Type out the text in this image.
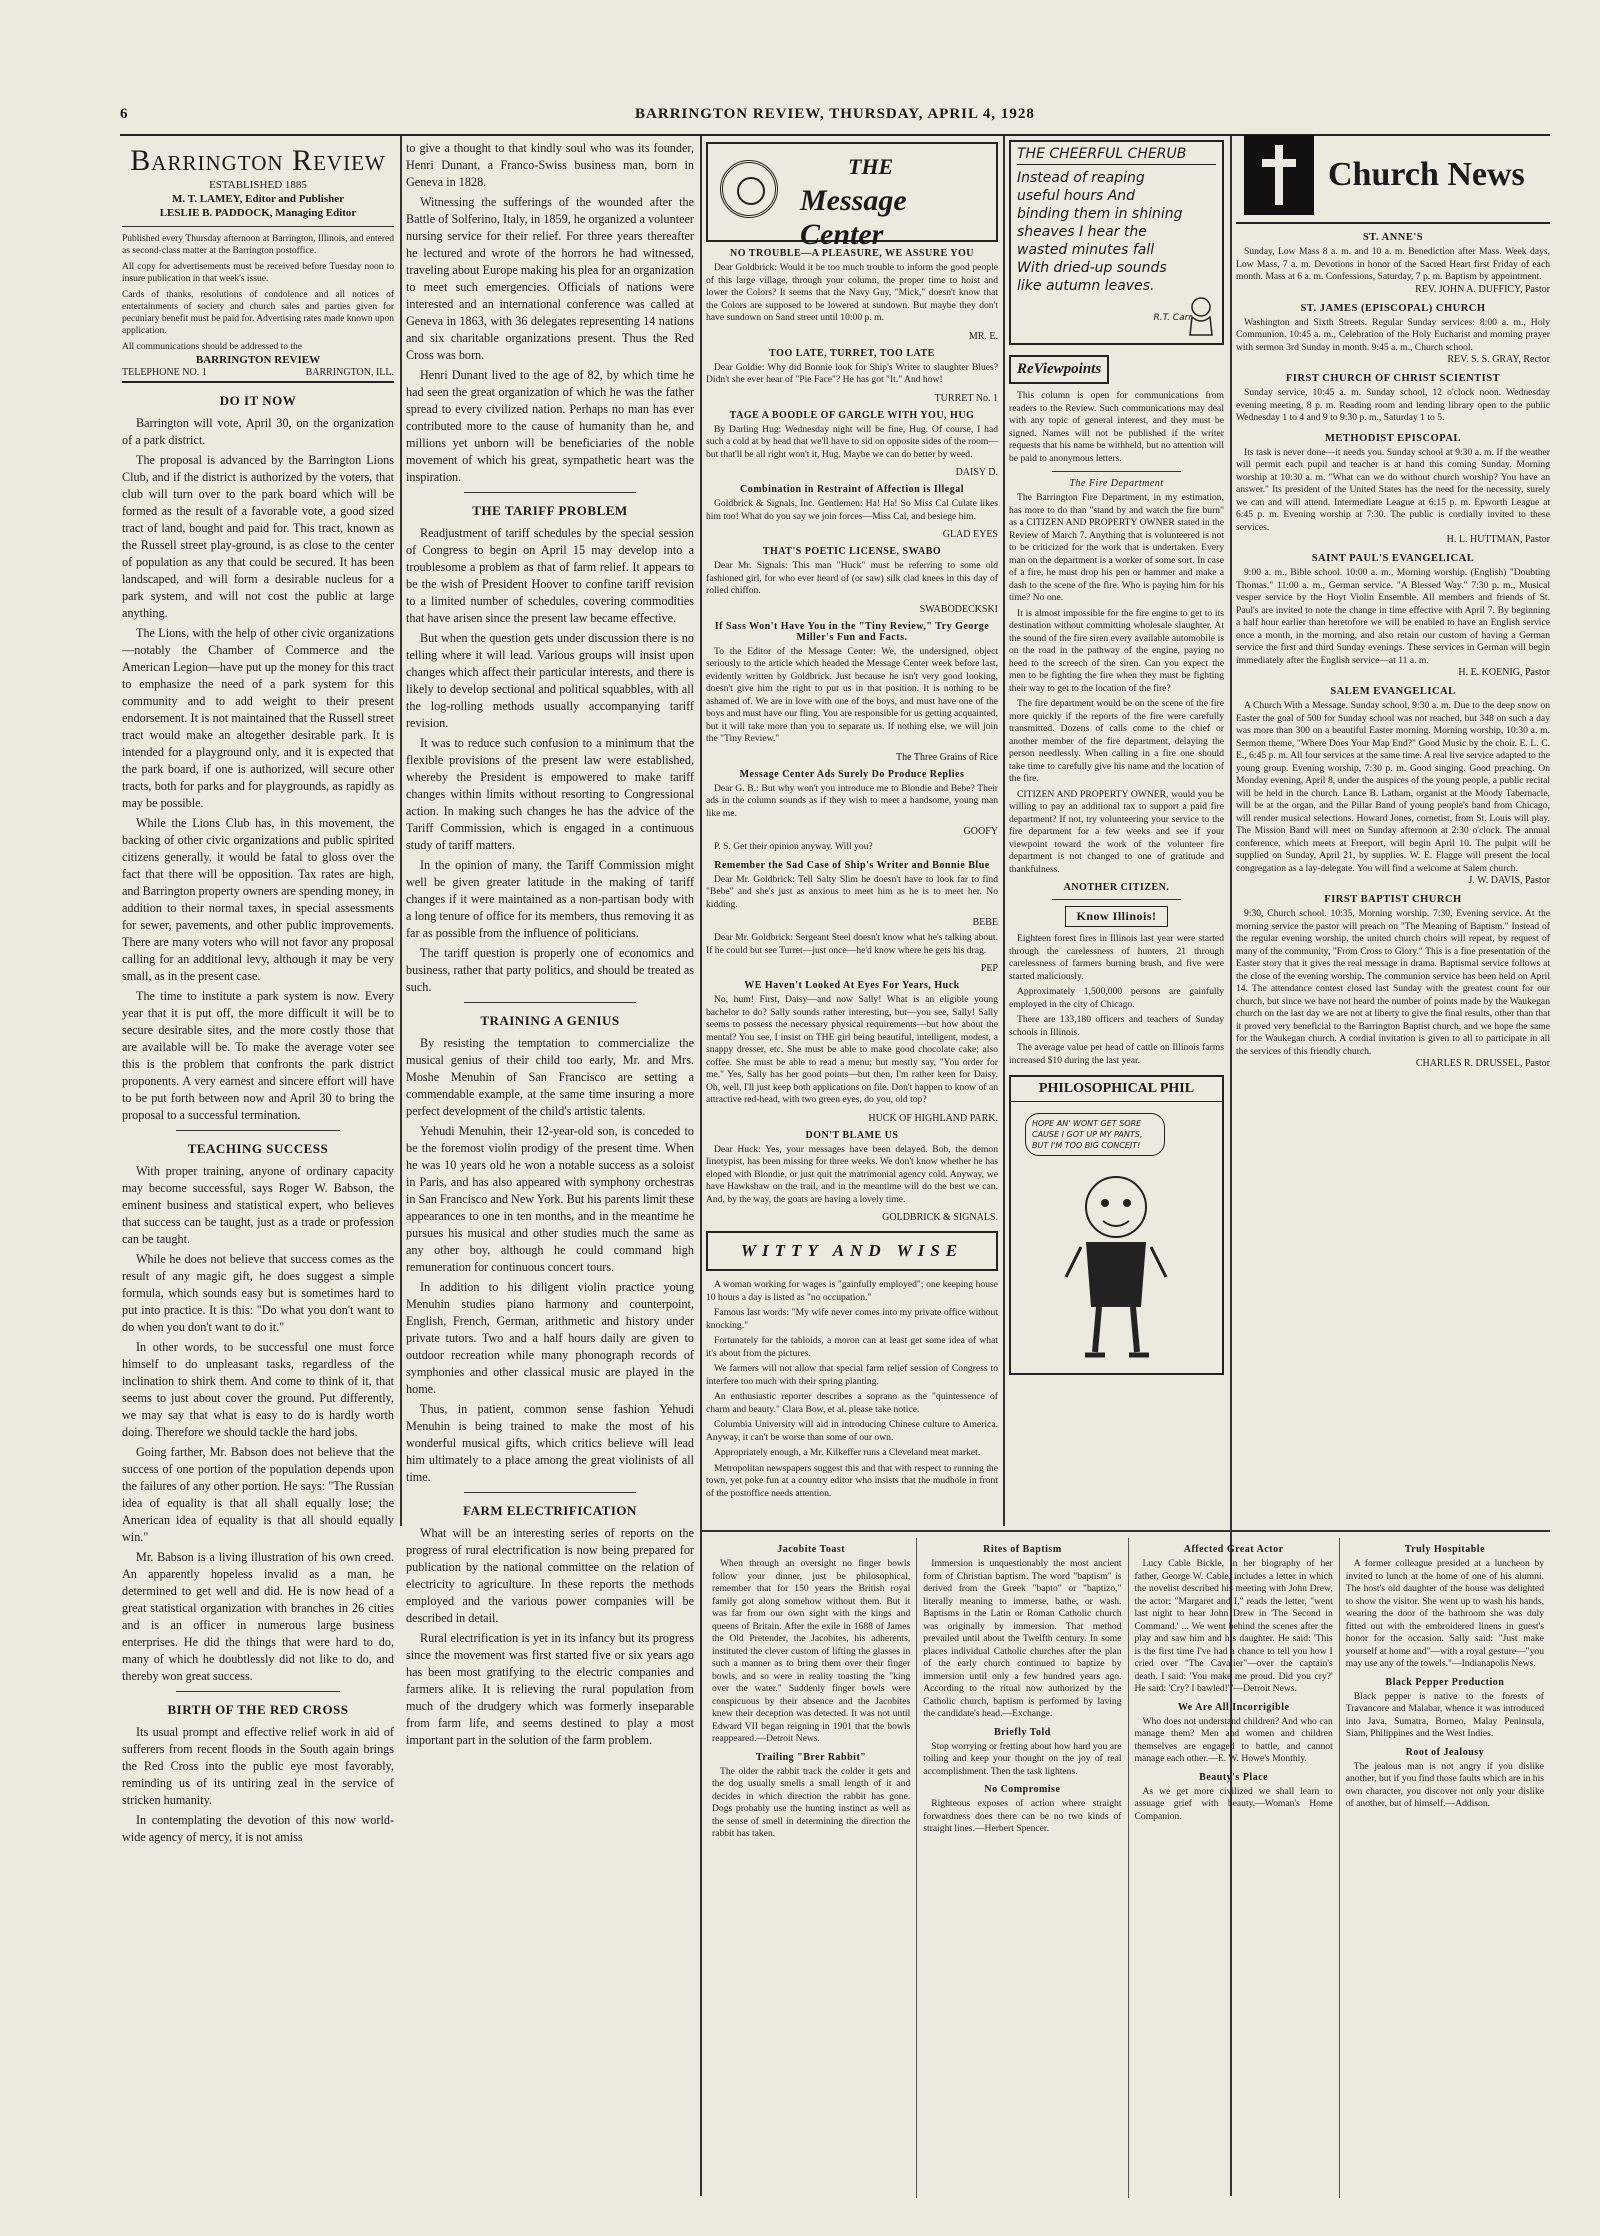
6	BARRINGTON REVIEW, THURSDAY, APRIL 4, 1928
Barrington Review

ESTABLISHED 1885

M. T. LAMEY, Editor and Publisher

LESLIE B. PADDOCK, Managing Editor

Published every Thursday afternoon at Barrington, Illinois, and entered as second-class matter at the Barrington postoffice.

All copy for advertisements must be received before Tuesday noon to insure publication in that week's issue.

Cards of thanks, resolutions of condolence and all notices of entertainments of society and church sales and parties given for pecuniary benefit must be paid for. Advertising rates made known upon application.

All communications should be addressed to the

BARRINGTON REVIEW

TELEPHONE NO. 1	BARRINGTON, ILL.
DO IT NOW

Barrington will vote, April 30, on the organization of a park district.

The proposal is advanced by the Barrington Lions Club, and if the district is authorized by the voters, that club will turn over to the park board which will be formed as the result of a favorable vote, a good sized tract of land, bought and paid for. This tract, known as the Russell street play-ground, is as close to the center of population as any that could be secured. It has been landscaped, and will form a desirable nucleus for a park system, and will not cost the public at large anything.

The Lions, with the help of other civic organizations—notably the Chamber of Commerce and the American Legion—have put up the money for this tract to emphasize the need of a park system for this community and to add weight to their present endorsement. It is not maintained that the Russell street tract would make an altogether desirable park. It is intended for a playground only, and it is expected that the park board, if one is authorized, will secure other tracts, both for parks and for playgrounds, as rapidly as may be possible.

While the Lions Club has, in this movement, the backing of other civic organizations and public spirited citizens generally, it would be fatal to gloss over the fact that there will be opposition. Tax rates are high, and Barrington property owners are spending money, in addition to their normal taxes, in special assessments for sewer, pavements, and other public improvements. There are many voters who will not favor any proposal calling for an additional levy, although it may be very small, as in the present case.

The time to institute a park system is now. Every year that it is put off, the more difficult it will be to secure desirable sites, and the more costly those that are available will be. To make the average voter see this is the problem that confronts the park district proponents. A very earnest and sincere effort will have to be put forth between now and April 30 to bring the proposal to a successful termination.

TEACHING SUCCESS

With proper training, anyone of ordinary capacity may become successful, says Roger W. Babson, the eminent business and statistical expert, who believes that success can be taught, just as a trade or profession can be taught.

While he does not believe that success comes as the result of any magic gift, he does suggest a simple formula, which sounds easy but is sometimes hard to put into practice. It is this: "Do what you don't want to do when you don't want to do it."

In other words, to be successful one must force himself to do unpleasant tasks, regardless of the inclination to shirk them. And come to think of it, that seems to just about cover the ground. Put differently, we may say that what is easy to do is hardly worth doing. Therefore we should tackle the hard jobs.

Going farther, Mr. Babson does not believe that the success of one portion of the population depends upon the failures of any other portion. He says: "The Russian idea of equality is that all shall equally lose; the American idea of equality is that all should equally win."

Mr. Babson is a living illustration of his own creed. An apparently hopeless invalid as a man, he determined to get well and did. He is now head of a great statistical organization with branches in 26 cities and is an officer in numerous large business enterprises. He did the things that were hard to do, many of which he doubtlessly did not like to do, and thereby won great success.

BIRTH OF THE RED CROSS

Its usual prompt and effective relief work in aid of sufferers from recent floods in the South again brings the Red Cross into the public eye most favorably, reminding us of its untiring zeal in the service of stricken humanity.

In contemplating the devotion of this now world-wide agency of mercy, it is not amiss

to give a thought to that kindly soul who was its founder, Henri Dunant, a Franco-Swiss business man, born in Geneva in 1828.

Witnessing the sufferings of the wounded after the Battle of Solferino, Italy, in 1859, he organized a volunteer nursing service for their relief. For three years thereafter he lectured and wrote of the horrors he had witnessed, traveling about Europe making his plea for an organization to meet such emergencies. Officials of nations were interested and an international conference was called at Geneva in 1863, with 36 delegates representing 14 nations and six charitable organizations present. Thus the Red Cross was born.

Henri Dunant lived to the age of 82, by which time he had seen the great organization of which he was the father spread to every civilized nation. Perhaps no man has ever contributed more to the cause of humanity than he, and millions yet unborn will be beneficiaries of the noble movement of which his great, sympathetic heart was the inspiration.

THE TARIFF PROBLEM

Readjustment of tariff schedules by the special session of Congress to begin on April 15 may develop into a troublesome a problem as that of farm relief. It appears to be the wish of President Hoover to confine tariff revision to a limited number of schedules, covering commodities that have arisen since the present law became effective.

But when the question gets under discussion there is no telling where it will lead. Various groups will insist upon changes which affect their particular interests, and there is likely to develop sectional and political squabbles, with all the log-rolling methods usually accompanying tariff revision.

It was to reduce such confusion to a minimum that the flexible provisions of the present law were established, whereby the President is empowered to make tariff changes within limits without resorting to Congressional action. In making such changes he has the advice of the Tariff Commission, which is engaged in a continuous study of tariff matters.

In the opinion of many, the Tariff Commission might well be given greater latitude in the making of tariff changes if it were maintained as a non-partisan body with a long tenure of office for its members, thus removing it as far as possible from the influence of politicians.

The tariff question is properly one of economics and business, rather that party politics, and should be treated as such.

TRAINING A GENIUS

By resisting the temptation to commercialize the musical genius of their child too early, Mr. and Mrs. Moshe Menuhin of San Francisco are setting a commendable example, at the same time insuring a more perfect development of the child's artistic talents.

Yehudi Menuhin, their 12-year-old son, is conceded to be the foremost violin prodigy of the present time. When he was 10 years old he won a notable success as a soloist in Paris, and has also appeared with symphony orchestras in San Francisco and New York. But his parents limit these appearances to one in ten months, and in the meantime he pursues his musical and other studies much the same as any other boy, although he could command high remuneration for continuous concert tours.

In addition to his diligent violin practice young Menuhin studies piano harmony and counterpoint, English, French, German, arithmetic and history under private tutors. Two and a half hours daily are given to outdoor recreation while many phonograph records of symphonies and other classical music are played in the home.

Thus, in patient, common sense fashion Yehudi Menuhin is being trained to make the most of his wonderful musical gifts, which critics believe will lead him ultimately to a place among the great violinists of all time.

FARM ELECTRIFICATION

What will be an interesting series of reports on the progress of rural electrification is now being prepared for publication by the national committee on the relation of electricity to agriculture. In these reports the methods employed and the various power companies will be described in detail.

Rural electrification is yet in its infancy but its progress since the movement was first started five or six years ago has been most gratifying to the electric companies and farmers alike. It is relieving the rural population from much of the drudgery which was formerly inseparable from farm life, and seems destined to play a most important part in the solution of the farm problem.

THE
Message Center
NO TROUBLE—A PLEASURE, WE ASSURE YOU

Dear Goldbrick: Would it be too much trouble to inform the good people of this large village, through your column, the proper time to hoist and lower the Colors? It seems that the Navy Guy, "Mick," doesn't know that the Colors are supposed to be lowered at sundown. But maybe they don't have sundown on Sand street until 10:00 p. m.

MR. E.
TOO LATE, TURRET, TOO LATE

Dear Goldie: Why did Bonnie look for Ship's Writer to slaughter Blues? Didn't she ever hear of "Pie Face"? He has got "It." And how!

TURRET No. 1
TAGE A BOODLE OF GARGLE WITH YOU, HUG

By Darling Hug: Wednesday night will be fine, Hug. Of course, I had such a cold at by head that we'll have to sid on opposite sides of the room—but that'll be all right won't it, Hug. Maybe we can do better by weed.

DAISY D.
Combination in Restraint of Affection is Illegal

Goldbrick & Signals, Inc. Gentlemen: Ha! Ha! So Miss Cal Culate likes him too! What do you say we join forces—Miss Cal, and besiege him.

GLAD EYES
THAT'S POETIC LICENSE, SWABO

Dear Mr. Signals: This man "Huck" must be referring to some old fashioned girl, for who ever heard of (or saw) silk clad knees in this day of rolled chiffon.

SWABODECKSKI
If Sass Won't Have You in the "Tiny Review," Try George Miller's Fun and Facts.

To the Editor of the Message Center: We, the undersigned, object seriously to the article which headed the Message Center week before last, evidently written by Goldbrick. Just because he isn't very good looking, doesn't give him the right to put us in that position. It is nothing to be ashamed of. We are in love with one of the boys, and must have one of the boys and must have our fling. You are responsible for us getting acquainted, but it will take more than you to separate us. If nothing else, we will join the "Tiny Review."

The Three Grains of Rice
Message Center Ads Surely Do Produce Replies

Dear G. B.: But why won't you introduce me to Blondie and Bebe? Their ads in the column sounds as if they wish to meet a handsome, young man like me.

GOOFY

P. S. Get their opinion anyway. Will you?

Remember the Sad Case of Ship's Writer and Bonnie Blue

Dear Mr. Goldbrick: Tell Salty Slim he doesn't have to look far to find "Bebe" and she's just as anxious to meet him as he is to meet her. No kidding.

BEBE

Dear Mr. Goldbrick: Sergeant Steel doesn't know what he's talking about. If he could but see Turret—just once—he'd know where he gets his drag.

PEP
WE Haven't Looked At Eyes For Years, Huck

No, hum! First, Daisy—and now Sally! What is an eligible young bachelor to do? Sally sounds rather interesting, but—you see, Sally! Sally seems to possess the necessary physical requirements—but how about the mental? You see, I insist on THE girl being beautiful, intelligent, modest, a snappy dresser, etc. She must be able to make good chocolate cake; also coffee. She must be able to read a menu; but mostly say, "You order for me." Yes, Sally has her good points—but then, I'm rather keen for Daisy. Oh, well, I'll just keep both applications on file. Don't happen to know of an attractive red-head, with two green eyes, do you, old top?

HUCK OF HIGHLAND PARK.
DON'T BLAME US

Dear Huck: Yes, your messages have been delayed. Bob, the demon linotypist, has been missing for three weeks. We don't know whether he has eloped with Blondie, or just quit the matrimonial agency cold. Anyway, we have Hawkshaw on the trail, and in the meantime will do the best we can. And, by the way, the goats are having a lovely time.

GOLDBRICK & SIGNALS.
WITTY AND WISE

A woman working for wages is "gainfully employed"; one keeping house 10 hours a day is listed as "no occupation."

Famous last words: "My wife never comes into my private office without knocking."

Fortunately for the tabloids, a moron can at least get some idea of what it's about from the pictures.

We farmers will not allow that special farm relief session of Congress to interfere too much with their spring planting.

An enthusiastic reporter describes a soprano as the "quintessence of charm and beauty." Clara Bow, et al. please take notice.

Columbia University will aid in introducing Chinese culture to America. Anyway, it can't be worse than some of our own.

Appropriately enough, a Mr. Kilkeffer runs a Cleveland meat market.

Metropolitan newspapers suggest this and that with respect to running the town, yet poke fun at a country editor who insists that the mudhole in front of the postoffice needs attention.

THE CHEERFUL CHERUB
Instead of reaping useful hours And binding them in shining sheaves I hear the wasted minutes fall With dried-up sounds like autumn leaves.
R.T. Carr
ReViewpoints

This column is open for communications from readers to the Review. Such communications may deal with any topic of general interest, and they must be signed. Names will not be published if the writer requests that his name be withheld, but no attention will be paid to anonymous letters.

The Fire Department

The Barrington Fire Department, in my estimation, has more to do than "stand by and watch the fire burn" as a CITIZEN AND PROPERTY OWNER stated in the Review of March 7. Anything that is volunteered is not to be criticized for the work that is undertaken. Every man on the department is a worker of some sort. In case of a fire, he must drop his pen or hammer and make a dash to the scene of the fire. Who is paying him for his time? No one.

It is almost impossible for the fire engine to get to its destination without committing wholesale slaughter. At the sound of the fire siren every available automobile is on the road in the pathway of the engine, paying no heed to the screech of the siren. Can you expect the men to be fighting the fire when they must be fighting their way to get to the location of the fire?

The fire department would be on the scene of the fire more quickly if the reports of the fire were carefully transmitted. Dozens of calls come to the chief or another member of the fire department, delaying the person needlessly. When calling in a fire one should take time to carefully give his name and the location of the fire.

CITIZEN AND PROPERTY OWNER, would you be willing to pay an additional tax to support a paid fire department? If not, try volunteering your service to the fire department for a few weeks and see if your viewpoint toward the work of the volunteer fire department is not changed to one of gratitude and thankfulness.

ANOTHER CITIZEN.
Know Illinois!

Eighteen forest fires in Illinois last year were started through the carelessness of hunters, 21 through carelessness of farmers burning brush, and five were started maliciously.

Approximately 1,500,000 persons are gainfully employed in the city of Chicago.

There are 133,180 officers and teachers of Sunday schools in Illinois.

The average value per head of cattle on Illinois farms increased $10 during the last year.

PHILOSOPHICAL PHIL
HOPE AN' WONT GET SORE CAUSE I GOT UP MY PANTS, BUT I'M TOO BIG CONCEIT!
Church News
ST. ANNE'S

Sunday, Low Mass 8 a. m. and 10 a. m. Benediction after Mass. Week days, Low Mass, 7 a. m. Devotions in honor of the Sacred Heart first Friday of each month. Mass at 6 a. m. Confessions, Saturday, 7 p. m. Baptism by appointment.

REV. JOHN A. DUFFICY, Pastor
ST. JAMES (EPISCOPAL) CHURCH

Washington and Sixth Streets. Regular Sunday services: 8:00 a. m., Holy Communion. 10:45 a. m., Celebration of the Holy Eucharist and morning prayer with sermon 3rd Sunday in month. 9:45 a. m., Church school.

REV. S. S. GRAY, Rector
FIRST CHURCH OF CHRIST SCIENTIST

Sunday service, 10:45 a. m. Sunday school, 12 o'clock noon. Wednesday evening meeting, 8 p. m. Reading room and lending library open to the public Wednesday 1 to 4 and 9 to 9:30 p. m., Saturday 1 to 5.

METHODIST EPISCOPAL

Its task is never done—it needs you. Sunday school at 9:30 a. m. If the weather will permit each pupil and teacher is at hand this coming Sunday. Morning worship at 10:30 a. m. "What can we do without church worship? You have an answer." Its president of the United States has the need for the necessity, surely we can and will attend. Intermediate League at 6:15 p. m. Epworth League at 6:45 p. m. Evening worship at 7:30. The public is cordially invited to these services.

H. L. HUTTMAN, Pastor
SAINT PAUL'S EVANGELICAL

9:00 a. m., Bible school. 10:00 a. m., Morning worship. (English) "Doubting Thomas." 11:00 a. m., German service. "A Blessed Way." 7:30 p. m., Musical vesper service by the Hoyt Violin Ensemble. All members and friends of St. Paul's are invited to note the change in time effective with April 7. By beginning a half hour earlier than heretofore we will be enabled to have an English service once a month, in the morning, and also retain our custom of having a German service the first and third Sunday evenings. These services in German will begin immediately after the English service—at 11 a. m.

H. E. KOENIG, Pastor
SALEM EVANGELICAL

A Church With a Message. Sunday school, 9:30 a. m. Due to the deep snow on Easter the goal of 500 for Sunday school was not reached, but 348 on such a day was more than 300 on a beautiful Easter morning. Morning worship, 10:30 a. m. Sermon theme, "Where Does Your Map End?" Good Music by the choir. E. L. C. E., 6:45 p. m. All four services at the same time. A real live service adapted to the young group. Evening worship, 7:30 p. m. Good singing. Good preaching. On Monday evening, April 8, under the auspices of the young people, a public recital will be held in the church. Lance B. Latham, organist at the Moody Tabernacle, will be at the organ, and the Pillar Band of young people's band from Chicago, will render musical selections. Howard Jones, cornetist, from St. Louis will play. The Mission Band will meet on Sunday afternoon at 2:30 o'clock. The annual conference, which meets at Freeport, will begin April 10. The pulpit will be supplied on Sunday, April 21, by supplies. W. E. Flagge will present the local congregation as a lay-delegate. You will find a welcome at Salem church.

J. W. DAVIS, Pastor
FIRST BAPTIST CHURCH

9:30, Church school. 10:35, Morning worship. 7:30, Evening service. At the morning service the pastor will preach on "The Meaning of Baptism." Instead of the regular evening worship, the united church choirs will repeat, by request of many of the community, "From Cross to Glory." This is a fine presentation of the Easter story that it gives the real message in drama. Baptismal service follows at the close of the evening worship. The communion service has been held on April 14. The attendance contest closed last Sunday with the greatest count for our church, but since we have not heard the number of points made by the Waukegan church on the last day we are not at liberty to give the final results, other than that it proved very beneficial to the Barrington Baptist church, and we hope the same for the Waukegan church. A cordial invitation is given to all to participate in all the services of this friendly church.

CHARLES R. DRUSSEL, Pastor
Jacobite Toast

When through an oversight no finger bowls follow your dinner, just be philosophical, remember that for 150 years the British royal family got along somehow without them. But it was far from our own sight with the kings and queens of Britain. After the exile in 1688 of James the Old Pretender, the Jacobites, his adherents, instituted the clever custom of lifting the glasses in such a manner as to bring them over their finger bowls, and so were in reality toasting the "king over the water." Suddenly finger bowls were conspicuous by their absence and the Jacobites knew their deception was detected. It was not until Edward VII began reigning in 1901 that the bowls reappeared.—Detroit News.

Trailing "Brer Rabbit"

The older the rabbit track the colder it gets and the dog usually smells a small length of it and decides in which direction the rabbit has gone. Dogs probably use the hunting instinct as well as the sense of smell in determining the direction the rabbit has taken.

Rites of Baptism

Immersion is unquestionably the most ancient form of Christian baptism. The word "baptism" is derived from the Greek "bapto" or "baptizo," literally meaning to immerse, bathe, or wash. Baptisms in the Latin or Roman Catholic church was originally by immersion. That method prevailed until about the Twelfth century. In some places individual Catholic churches after the plan of the early church continued to baptize by immersion until only a few hundred years ago. According to the ritual now authorized by the Catholic church, baptism is performed by laving the candidate's head.—Exchange.

Briefly Told

Stop worrying or fretting about how hard you are toiling and keep your thought on the joy of real accomplishment. Then the task lightens.

No Compromise

Righteous exposes of action where straight forwardness does there can be no two kinds of straight lines.—Herbert Spencer.

Affected Great Actor

Lucy Cable Bickle, in her biography of her father, George W. Cable, includes a letter in which the novelist described his meeting with John Drew, the actor: "Margaret and I," reads the letter, "went last night to hear John Drew in 'The Second in Command.' ... We went behind the scenes after the play and saw him and his daughter. He said: 'This is the first time I've had a chance to tell you how I cried over "The Cavalier"—over the captain's death. I said: 'You make me proud. Did you cry?' He said: 'Cry? I bawled!'"—Detroit News.

We Are All Incorrigible

Who does not understand children? And who can manage them? Men and women and children themselves are engaged to battle, and cannot manage each other.—E. W. Howe's Monthly.

Beauty's Place

As we get more civilized we shall learn to assuage grief with beauty.—Woman's Home Companion.

Truly Hospitable

A former colleague presided at a luncheon by invited to lunch at the home of one of his alumni. The host's old daughter of the house was delighted to show the visitor. She went up to wash his hands, wearing the door of the bathroom she was duly fitted out with the embroidered linens in guest's honor for the occasion. Sally said: "Just make yourself at home and"—with a royal gesture—"you may use any of the towels."—Indianapolis News.

Black Pepper Production

Black pepper is native to the forests of Travancore and Malabar, whence it was introduced into Java, Sumatra, Borneo, Malay Peninsula, Siam, Philippines and the West Indies.

Root of Jealousy

The jealous man is not angry if you dislike another, but if you find those faults which are in his own character, you discover not only your dislike of another, but of himself.—Addison.
